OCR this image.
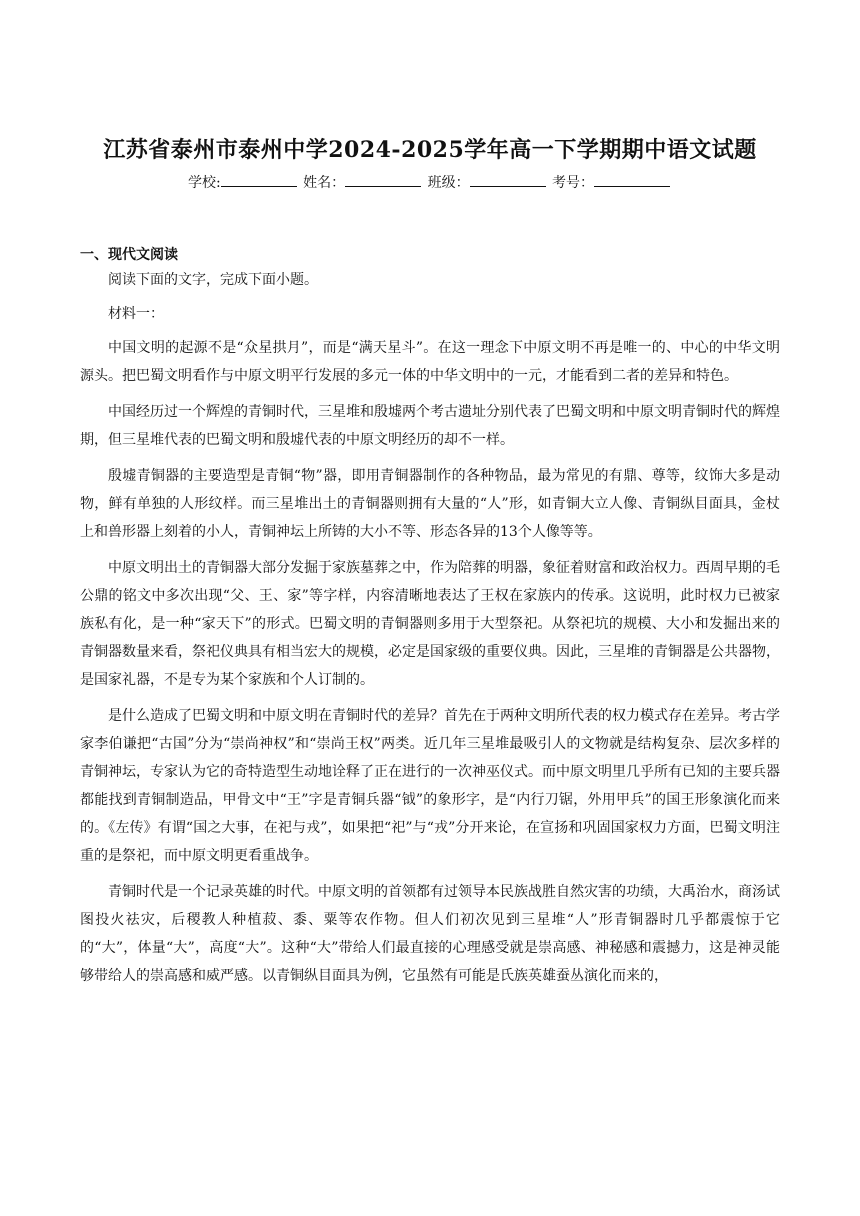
江苏省泰州市泰州中学2024-2025学年高一下学期期中语文试题
学校:	姓名：	班级：	考号：
一、现代文阅读

阅读下面的文字，完成下面小题。

材料一：

中国文明的起源不是“众星拱月”，而是“满天星斗”。在这一理念下中原文明不再是唯一的、中心的中华文明源头。把巴蜀文明看作与中原文明平行发展的多元一体的中华文明中的一元，才能看到二者的差异和特色。

中国经历过一个辉煌的青铜时代，三星堆和殷墟两个考古遗址分别代表了巴蜀文明和中原文明青铜时代的辉煌期，但三星堆代表的巴蜀文明和殷墟代表的中原文明经历的却不一样。

殷墟青铜器的主要造型是青铜“物”器，即用青铜器制作的各种物品，最为常见的有鼎、尊等，纹饰大多是动物，鲜有单独的人形纹样。而三星堆出土的青铜器则拥有大量的“人”形，如青铜大立人像、青铜纵目面具，金杖上和兽形器上刻着的小人，青铜神坛上所铸的大小不等、形态各异的13个人像等等。

中原文明出土的青铜器大部分发掘于家族墓葬之中，作为陪葬的明器，象征着财富和政治权力。西周早期的毛公鼎的铭文中多次出现“父、王、家”等字样，内容清晰地表达了王权在家族内的传承。这说明，此时权力已被家族私有化，是一种“家天下”的形式。巴蜀文明的青铜器则多用于大型祭祀。从祭祀坑的规模、大小和发掘出来的青铜器数量来看，祭祀仪典具有相当宏大的规模，必定是国家级的重要仪典。因此，三星堆的青铜器是公共器物，是国家礼器，不是专为某个家族和个人订制的。

是什么造成了巴蜀文明和中原文明在青铜时代的差异？首先在于两种文明所代表的权力模式存在差异。考古学家李伯谦把“古国”分为“崇尚神权”和“崇尚王权”两类。近几年三星堆最吸引人的文物就是结构复杂、层次多样的青铜神坛，专家认为它的奇特造型生动地诠释了正在进行的一次神巫仪式。而中原文明里几乎所有已知的主要兵器都能找到青铜制造品，甲骨文中“王”字是青铜兵器“钺”的象形字，是“内行刀锯，外用甲兵”的国王形象演化而来的。《左传》有谓“国之大事，在祀与戎”，如果把“祀”与“戎”分开来论，在宣扬和巩固国家权力方面，巴蜀文明注重的是祭祀，而中原文明更看重战争。

青铜时代是一个记录英雄的时代。中原文明的首领都有过领导本民族战胜自然灾害的功绩，大禹治水，商汤试图投火祛灾，后稷教人种植菽、黍、粟等农作物。但人们初次见到三星堆“人”形青铜器时几乎都震惊于它的“大”，体量“大”，高度“大”。这种“大”带给人们最直接的心理感受就是崇高感、神秘感和震撼力，这是神灵能够带给人的崇高感和威严感。以青铜纵目面具为例，它虽然有可能是氏族英雄蚕丛演化而来的，
